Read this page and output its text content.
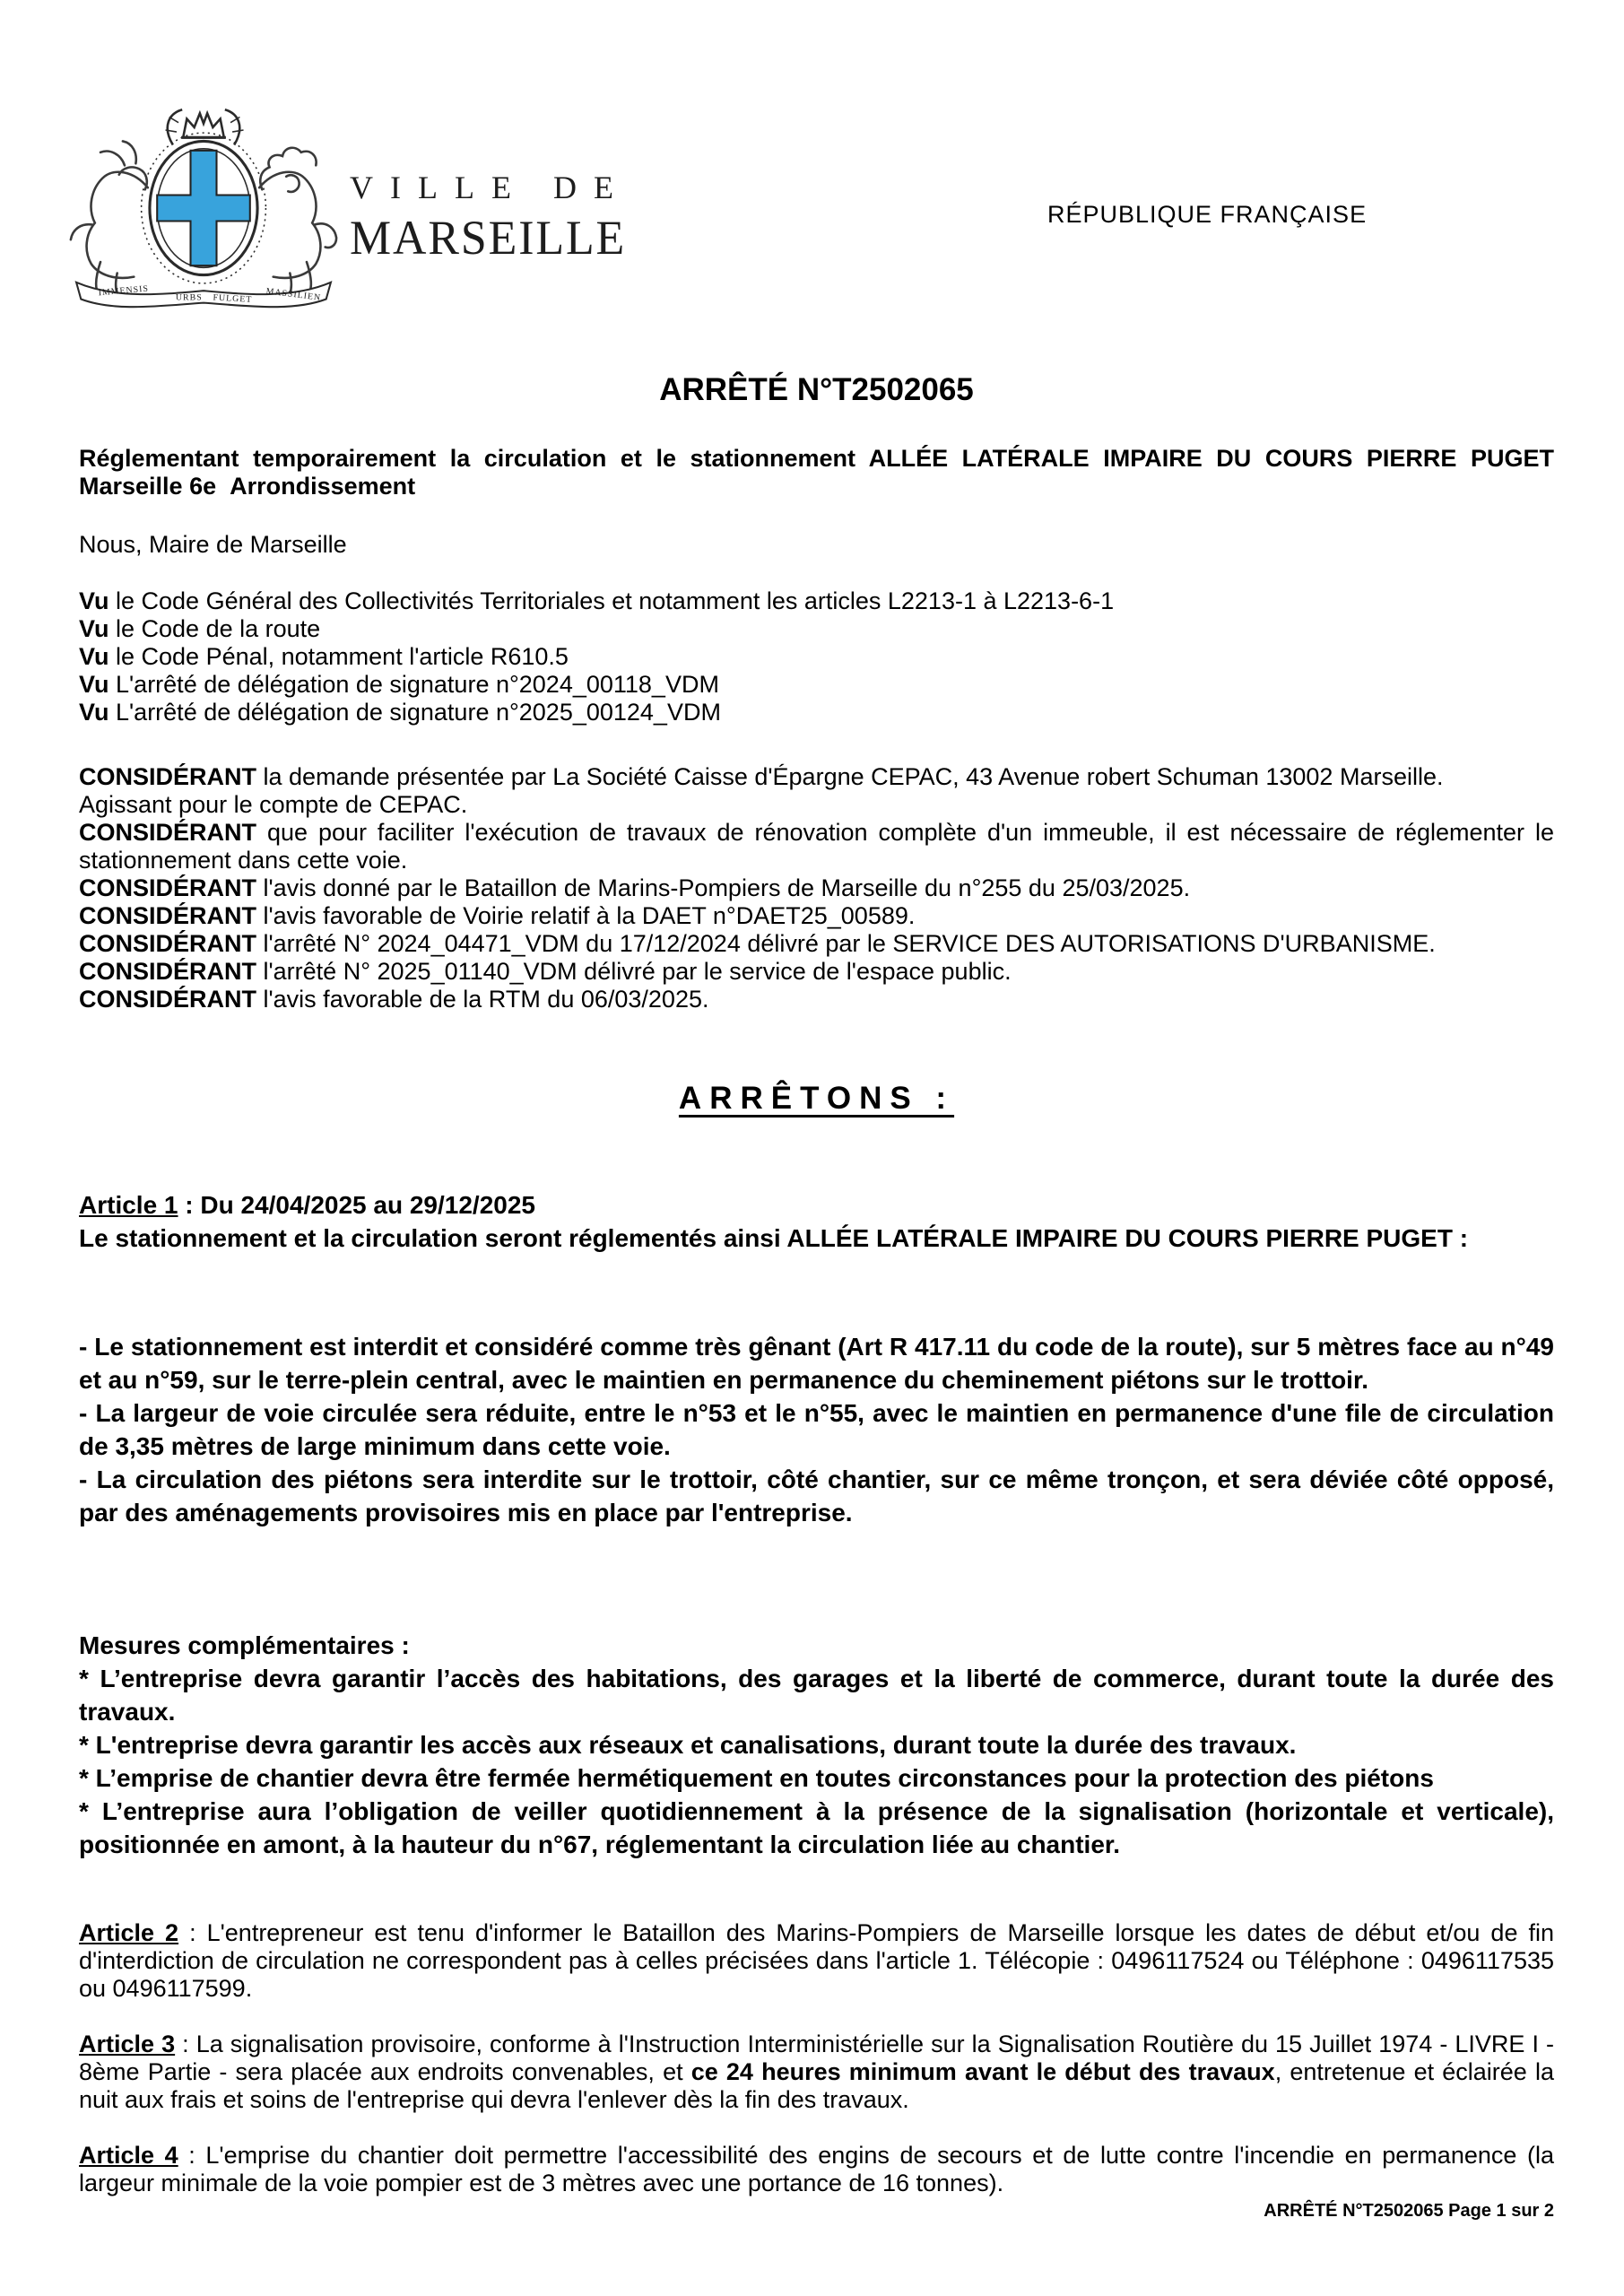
IMMENSIS	URBS FULGET MASSILIEN
VILLE DE
MARSEILLE	RÉPUBLIQUE FRANÇAISE
ARRÊTÉ N°T2502065

Réglementant temporairement la circulation et le stationnement ALLÉE LATÉRALE IMPAIRE DU COURS PIERRE PUGET

Marseille 6e  Arrondissement

Nous, Maire de Marseille

Vu le Code Général des Collectivités Territoriales et notamment les articles L2213-1 à L2213-6-1

Vu le Code de la route

Vu le Code Pénal, notamment l'article R610.5

Vu L'arrêté de délégation de signature n°2024_00118_VDM

Vu L'arrêté de délégation de signature n°2025_00124_VDM

CONSIDÉRANT la demande présentée par La Société Caisse d'Épargne CEPAC, 43 Avenue robert Schuman 13002 Marseille.

Agissant pour le compte de CEPAC.

CONSIDÉRANT que pour faciliter l'exécution de travaux de rénovation complète d'un immeuble, il est nécessaire de réglementer le stationnement dans cette voie.

CONSIDÉRANT l'avis donné par le Bataillon de Marins-Pompiers de Marseille du n°255 du 25/03/2025.

CONSIDÉRANT l'avis favorable de Voirie relatif à la DAET n°DAET25_00589.

CONSIDÉRANT l'arrêté N° 2024_04471_VDM du 17/12/2024 délivré par le SERVICE DES AUTORISATIONS D'URBANISME.

CONSIDÉRANT l'arrêté N° 2025_01140_VDM délivré par le service de l'espace public.

CONSIDÉRANT l'avis favorable de la RTM du 06/03/2025.

ARRÊTONS :

Article 1 : Du 24/04/2025 au 29/12/2025

Le stationnement et la circulation seront réglementés ainsi ALLÉE LATÉRALE IMPAIRE DU COURS PIERRE PUGET :

- Le stationnement est interdit et considéré comme très gênant (Art R 417.11 du code de la route), sur 5 mètres face au n°49 et au n°59, sur le terre-plein central, avec le maintien en permanence du cheminement piétons sur le trottoir.

- La largeur de voie circulée sera réduite, entre le n°53 et le n°55, avec le maintien en permanence d'une file de circulation de 3,35 mètres de large minimum dans cette voie.

- La circulation des piétons sera interdite sur le trottoir, côté chantier, sur ce même tronçon, et sera déviée côté opposé, par des aménagements provisoires mis en place par l'entreprise.

Mesures complémentaires :

* L’entreprise devra garantir l’accès des habitations, des garages et la liberté de commerce, durant toute la durée des travaux.

* L'entreprise devra garantir les accès aux réseaux et canalisations, durant toute la durée des travaux.

* L’emprise de chantier devra être fermée hermétiquement en toutes circonstances pour la protection des piétons

* L’entreprise aura l’obligation de veiller quotidiennement à la présence de la signalisation (horizontale et verticale), positionnée en amont, à la hauteur du n°67, réglementant la circulation liée au chantier.

Article 2 : L'entrepreneur est tenu d'informer le Bataillon des Marins-Pompiers de Marseille lorsque les dates de début et/ou de fin d'interdiction de circulation ne correspondent pas à celles précisées dans l'article 1. Télécopie : 0496117524 ou Téléphone : 0496117535 ou 0496117599.

Article 3 : La signalisation provisoire, conforme à l'Instruction Interministérielle sur la Signalisation Routière du 15 Juillet 1974 - LIVRE I - 8ème Partie - sera placée aux endroits convenables, et ce 24 heures minimum avant le début des travaux, entretenue et éclairée la nuit aux frais et soins de l'entreprise qui devra l'enlever dès la fin des travaux.

Article 4 : L'emprise du chantier doit permettre l'accessibilité des engins de secours et de lutte contre l'incendie en permanence (la largeur minimale de la voie pompier est de 3 mètres avec une portance de 16 tonnes).

ARRÊTÉ N°T2502065 Page 1 sur 2
